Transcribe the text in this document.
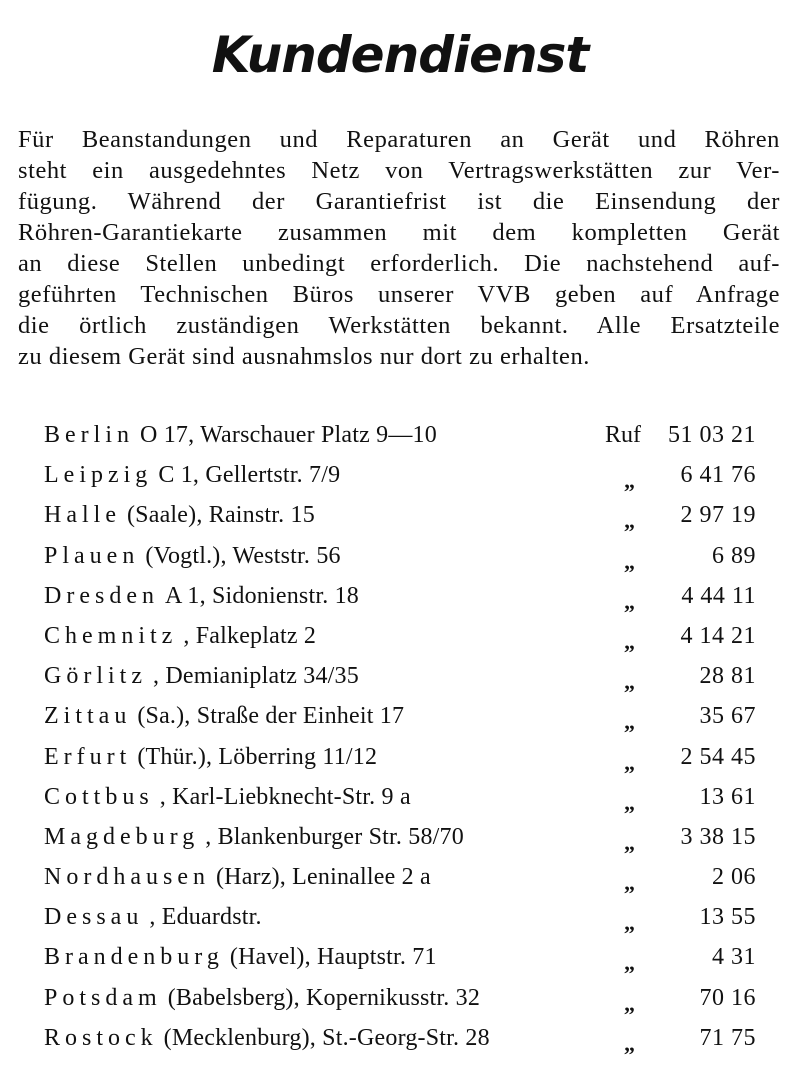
Kundendienst
Für Beanstandungen und Reparaturen an Gerät und Röhren
steht ein ausgedehntes Netz von Vertragswerkstätten zur Ver-
fügung. Während der Garantiefrist ist die Einsendung der
Röhren-Garantiekarte zusammen mit dem kompletten Gerät
an diese Stellen unbedingt erforderlich. Die nachstehend auf-
geführten Technischen Büros unserer VVB geben auf Anfrage
die örtlich zuständigen Werkstätten bekannt. Alle Ersatzteile
zu diesem Gerät sind ausnahmslos nur dort zu erhalten.
Berlin O 17, Warschauer Platz 9—10	Ruf 51 03 21
Leipzig C 1, Gellertstr. 7/9	„ 6 41 76
Halle (Saale), Rainstr. 15	„ 2 97 19
Plauen (Vogtl.), Weststr. 56	„	6 89
Dresden A 1, Sidonienstr. 18	„ 4 44 11
Chemnitz , Falkeplatz 2	„ 4 14 21
Görlitz , Demianiplatz 34/35	„	28 81
Zittau (Sa.), Straße der Einheit 17	„	35 67
Erfurt (Thür.), Löberring 11/12	„ 2 54 45
Cottbus , Karl-Liebknecht-Str. 9 a	„	13 61
Magdeburg , Blankenburger Str. 58/70	„ 3 38 15
Nordhausen (Harz), Leninallee 2 a	„	2 06
Dessau , Eduardstr.	„	13 55
Brandenburg (Havel), Hauptstr. 71	„	4 31
Potsdam (Babelsberg), Kopernikusstr. 32	„	70 16
Rostock (Mecklenburg), St.-Georg-Str. 28	„	71 75
